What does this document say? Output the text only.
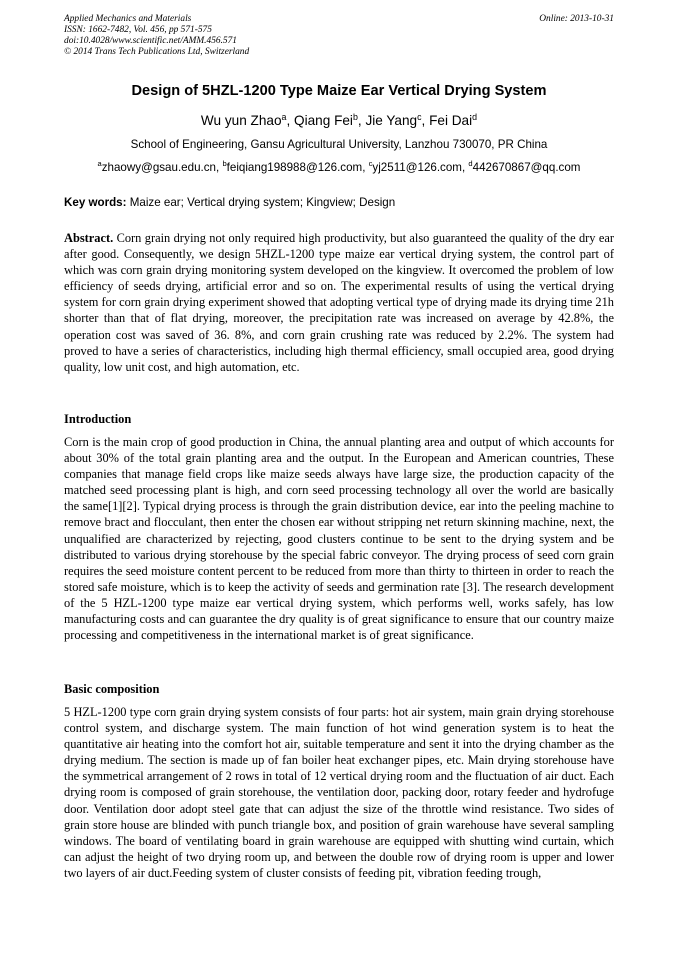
Applied Mechanics and Materials
ISSN: 1662-7482, Vol. 456, pp 571-575
doi:10.4028/www.scientific.net/AMM.456.571
© 2014 Trans Tech Publications Ltd, Switzerland
Online: 2013-10-31
Design of 5HZL-1200 Type Maize Ear Vertical Drying System
Wu yun Zhao$^a$, Qiang Fei$^b$, Jie Yang$^c$, Fei Dai$^d$
School of Engineering, Gansu Agricultural University, Lanzhou 730070, PR China
$^a$zhaowy@gsau.edu.cn, $^b$feiqiang198988@126.com, $^c$yj2511@126.com, $^d$442670867@qq.com
Key words: Maize ear; Vertical drying system; Kingview; Design

Abstract. Corn grain drying not only required high productivity, but also guaranteed the quality of the dry ear after good. Consequently, we design 5HZL-1200 type maize ear vertical drying system, the control part of which was corn grain drying monitoring system developed on the kingview. It overcomed the problem of low efficiency of seeds drying, artificial error and so on. The experimental results of using the vertical drying system for corn grain drying experiment showed that adopting vertical type of drying made its drying time 21h shorter than that of flat drying, moreover, the precipitation rate was increased on average by 42.8%, the operation cost was saved of 36. 8%, and corn grain crushing rate was reduced by 2.2%. The system had proved to have a series of characteristics, including high thermal efficiency, small occupied area, good drying quality, low unit cost, and high automation, etc.

Introduction

Corn is the main crop of good production in China, the annual planting area and output of which accounts for about 30% of the total grain planting area and the output. In the European and American countries, These companies that manage field crops like maize seeds always have large size, the production capacity of the matched seed processing plant is high, and corn seed processing technology all over the world are basically the same[1][2]. Typical drying process is through the grain distribution device, ear into the peeling machine to remove bract and flocculant, then enter the chosen ear without stripping net return skinning machine, next, the unqualified are characterized by rejecting, good clusters continue to be sent to the drying system and be distributed to various drying storehouse by the special fabric conveyor. The drying process of seed corn grain requires the seed moisture content percent to be reduced from more than thirty to thirteen in order to reach the stored safe moisture, which is to keep the activity of seeds and germination rate [3]. The research development of the 5 HZL-1200 type maize ear vertical drying system, which performs well, works safely, has low manufacturing costs and can guarantee the dry quality is of great significance to ensure that our country maize processing and competitiveness in the international market is of great significance.

Basic composition

5 HZL-1200 type corn grain drying system consists of four parts: hot air system, main grain drying storehouse control system, and discharge system. The main function of hot wind generation system is to heat the quantitative air heating into the comfort hot air, suitable temperature and sent it into the drying chamber as the drying medium. The section is made up of fan boiler heat exchanger pipes, etc. Main drying storehouse have the symmetrical arrangement of 2 rows in total of 12 vertical drying room and the fluctuation of air duct. Each drying room is composed of grain storehouse, the ventilation door, packing door, rotary feeder and hydrofuge door. Ventilation door adopt steel gate that can adjust the size of the throttle wind resistance. Two sides of grain store house are blinded with punch triangle box, and position of grain warehouse have several sampling windows. The board of ventilating board in grain warehouse are equipped with shutting wind curtain, which can adjust the height of two drying room up, and between the double row of drying room is upper and lower two layers of air duct.Feeding system of cluster consists of feeding pit, vibration feeding trough,
